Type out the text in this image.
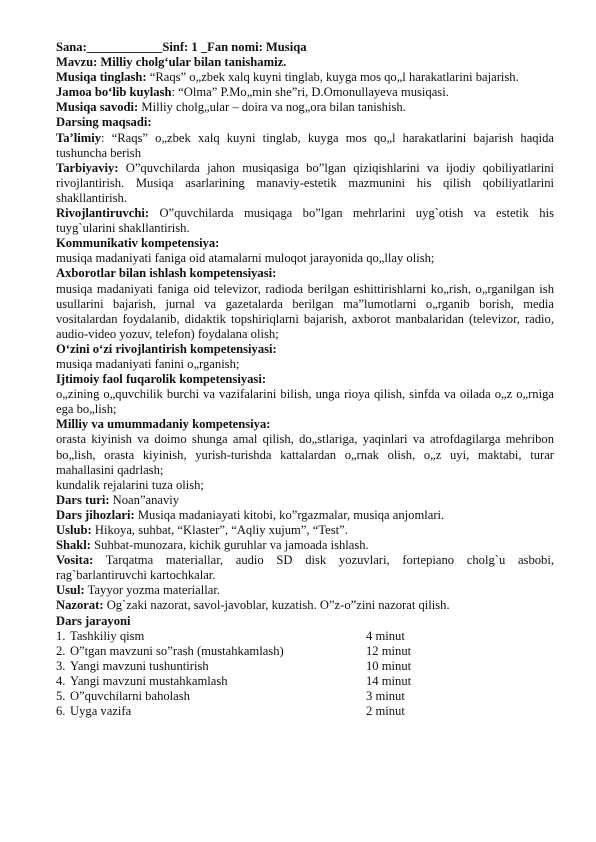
Sana:____________Sinf: 1 _Fan nomi: Musiqa

Mavzu: Milliy cholg‘ular bilan tanishamiz.

Musiqa tinglash: “Raqs” o„zbek xalq kuyni tinglab, kuyga mos qo„l harakatlarini bajarish.

Jamoa bo‘lib kuylash: “Olma” P.Mo„min she”ri, D.Omonullayeva musiqasi.

Musiqa savodi: Milliy cholg„ular – doira va nog„ora bilan tanishish.

Darsing maqsadi:

Ta’limiy: “Raqs” o„zbek xalq kuyni tinglab, kuyga mos qo„l harakatlarini bajarish haqida tushuncha berish

Tarbiyaviy: O”quvchilarda jahon musiqasiga bo”lgan qiziqishlarini va ijodiy qobiliyatlarini rivojlantirish. Musiqa asarlarining manaviy-estetik mazmunini his qilish qobiliyatlarini shakllantirish.

Rivojlantiruvchi: O”quvchilarda musiqaga bo”lgan mehrlarini uyg`otish va estetik his tuyg`ularini shakllantirish.

Kommunikativ kompetensiya:

musiqa madaniyati faniga oid atamalarni muloqot jarayonida qo„llay olish;

Axborotlar bilan ishlash kompetensiyasi:

musiqa madaniyati faniga oid televizor, radioda berilgan eshittirishlarni ko„rish, o„rganilgan ish usullarini bajarish, jurnal va gazetalarda berilgan ma”lumotlarni o„rganib borish, media vositalardan foydalanib, didaktik topshiriqlarni bajarish, axborot manbalaridan (televizor, radio, audio-video yozuv, telefon) foydalana olish;

O‘zini o‘zi rivojlantirish kompetensiyasi:

musiqa madaniyati fanini o„rganish;

Ijtimoiy faol fuqarolik kompetensiyasi:

o„zining o„quvchilik burchi va vazifalarini bilish, unga rioya qilish, sinfda va oilada o„z o„rniga ega bo„lish;

Milliy va umummadaniy kompetensiya:

orasta kiyinish va doimo shunga amal qilish, do„stlariga, yaqinlari va atrofdagilarga mehribon bo„lish, orasta kiyinish, yurish-turishda kattalardan o„rnak olish, o„z uyi, maktabi, turar mahallasini qadrlash;

kundalik rejalarini tuza olish;

Dars turi: Noan”anaviy

Dars jihozlari: Musiqa madaniayati kitobi, ko”rgazmalar, musiqa anjomlari.

Uslub: Hikoya, suhbat, “Klaster”, “Aqliy xujum”, “Test”.

Shakl: Suhbat-munozara, kichik guruhlar va jamoada ishlash.

Vosita: Tarqatma materiallar, audio SD disk yozuvlari, fortepiano cholg`u asbobi, rag`barlantiruvchi kartochkalar.

Usul: Tayyor yozma materiallar.

Nazorat: Og`zaki nazorat, savol-javoblar, kuzatish. O”z-o”zini nazorat qilish.

Dars jarayoni

1. Tashkiliy qism	4 minut
2. O”tgan mavzuni so”rash (mustahkamlash)	12 minut
3. Yangi mavzuni tushuntirish	10 minut
4. Yangi mavzuni mustahkamlash	14 minut
5. O”quvchilarni baholash	3 minut
6. Uyga vazifa	2 minut
